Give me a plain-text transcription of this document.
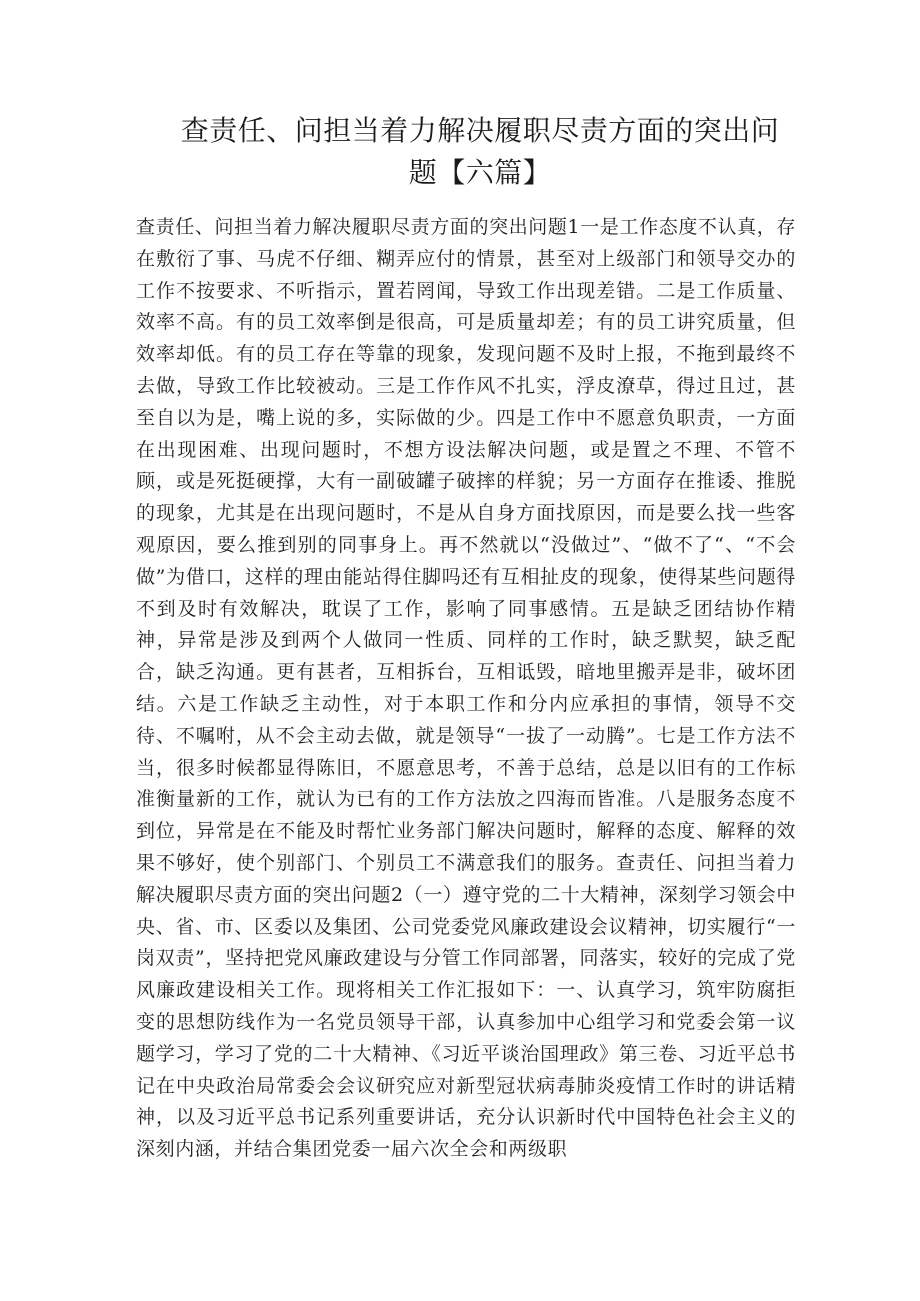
查责任、问担当着力解决履职尽责方面的突出问题【六篇】

查责任、问担当着力解决履职尽责方面的突出问题1一是工作态度不认真，存在敷衍了事、马虎不仔细、糊弄应付的情景，甚至对上级部门和领导交办的工作不按要求、不听指示，置若罔闻，导致工作出现差错。二是工作质量、效率不高。有的员工效率倒是很高，可是质量却差；有的员工讲究质量，但效率却低。有的员工存在等靠的现象，发现问题不及时上报，不拖到最终不去做，导致工作比较被动。三是工作作风不扎实，浮皮潦草，得过且过，甚至自以为是，嘴上说的多，实际做的少。四是工作中不愿意负职责，一方面在出现困难、出现问题时，不想方设法解决问题，或是置之不理、不管不顾，或是死挺硬撑，大有一副破罐子破摔的样貌；另一方面存在推诿、推脱的现象，尤其是在出现问题时，不是从自身方面找原因，而是要么找一些客观原因，要么推到别的同事身上。再不然就以“没做过”、“做不了“、“不会做”为借口，这样的理由能站得住脚吗还有互相扯皮的现象，使得某些问题得不到及时有效解决，耽误了工作，影响了同事感情。五是缺乏团结协作精神，异常是涉及到两个人做同一性质、同样的工作时，缺乏默契，缺乏配合，缺乏沟通。更有甚者，互相拆台，互相诋毁，暗地里搬弄是非，破坏团结。六是工作缺乏主动性，对于本职工作和分内应承担的事情，领导不交待、不嘱咐，从不会主动去做，就是领导“一拔了一动腾”。七是工作方法不当，很多时候都显得陈旧，不愿意思考，不善于总结，总是以旧有的工作标准衡量新的工作，就认为已有的工作方法放之四海而皆准。八是服务态度不到位，异常是在不能及时帮忙业务部门解决问题时，解释的态度、解释的效果不够好，使个别部门、个别员工不满意我们的服务。查责任、问担当着力解决履职尽责方面的突出问题2（一）遵守党的二十大精神，深刻学习领会中央、省、市、区委以及集团、公司党委党风廉政建设会议精神，切实履行“一岗双责”，坚持把党风廉政建设与分管工作同部署，同落实，较好的完成了党风廉政建设相关工作。现将相关工作汇报如下：一、认真学习，筑牢防腐拒变的思想防线作为一名党员领导干部，认真参加中心组学习和党委会第一议题学习，学习了党的二十大精神、《习近平谈治国理政》第三卷、习近平总书记在中央政治局常委会会议研究应对新型冠状病毒肺炎疫情工作时的讲话精神，以及习近平总书记系列重要讲话，充分认识新时代中国特色社会主义的深刻内涵，并结合集团党委一届六次全会和两级职
